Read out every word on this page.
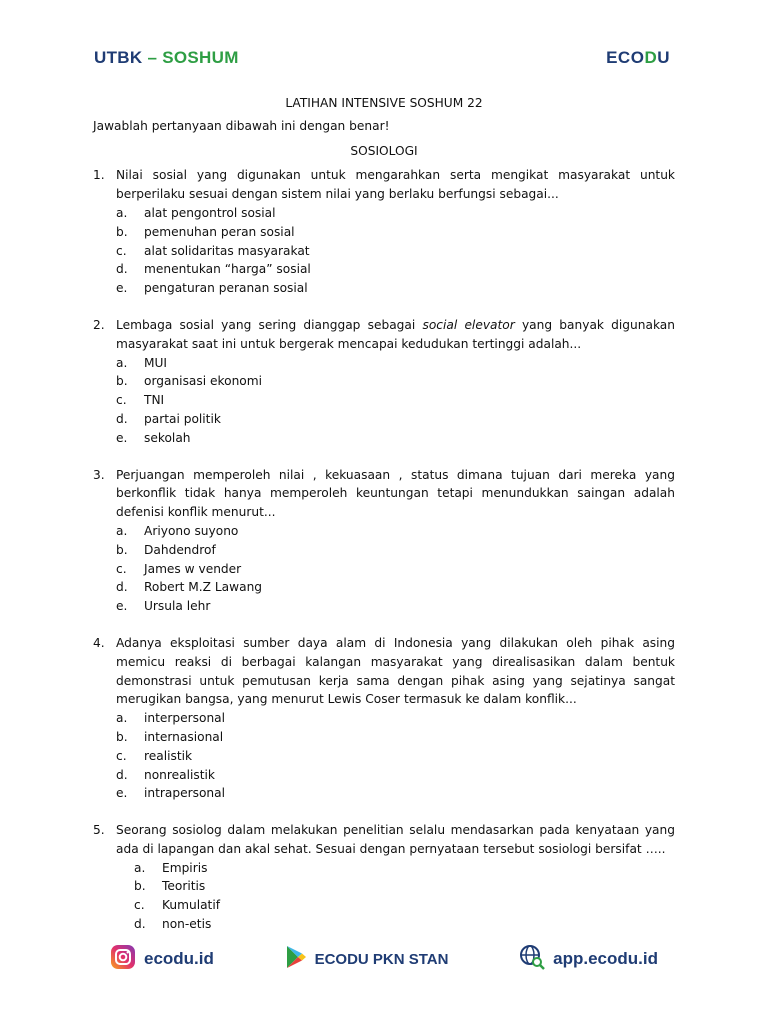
UTBK – SOSHUM	ECODU
LATIHAN INTENSIVE SOSHUM 22
Jawablah pertanyaan dibawah ini dengan benar!
SOSIOLOGI
1. Nilai sosial yang digunakan untuk mengarahkan serta mengikat masyarakat untuk berperilaku sesuai dengan sistem nilai yang berlaku berfungsi sebagai...
a.	alat pengontrol sosial
b.	pemenuhan peran sosial
c.	alat solidaritas masyarakat
d.	menentukan “harga” sosial
e.	pengaturan peranan sosial
2. Lembaga sosial yang sering dianggap sebagai social elevator yang banyak digunakan masyarakat saat ini untuk bergerak mencapai kedudukan tertinggi adalah...
a.	MUI
b.	organisasi ekonomi
c.	TNI
d.	partai politik
e.	sekolah
3. Perjuangan memperoleh nilai , kekuasaan , status dimana tujuan dari mereka yang berkonflik tidak hanya memperoleh keuntungan tetapi menundukkan saingan adalah defenisi konflik menurut...
a.	Ariyono suyono
b.	Dahdendrof
c.	James w vender
d.	Robert M.Z Lawang
e.	Ursula lehr
4. Adanya eksploitasi sumber daya alam di Indonesia yang dilakukan oleh pihak asing memicu reaksi di berbagai kalangan masyarakat yang direalisasikan dalam bentuk demonstrasi untuk pemutusan kerja sama dengan pihak asing yang sejatinya sangat merugikan bangsa, yang menurut Lewis Coser termasuk ke dalam konflik...
a.	interpersonal
b.	internasional
c.	realistik
d.	nonrealistik
e.	intrapersonal
5. Seorang sosiolog dalam melakukan penelitian selalu mendasarkan pada kenyataan yang ada di lapangan dan akal sehat. Sesuai dengan pernyataan tersebut sosiologi bersifat …..
a.	Empiris
b.	Teoritis
c.	Kumulatif
d.	non-etis
ecodu.id	ECODU PKN STAN	app.ecodu.id
